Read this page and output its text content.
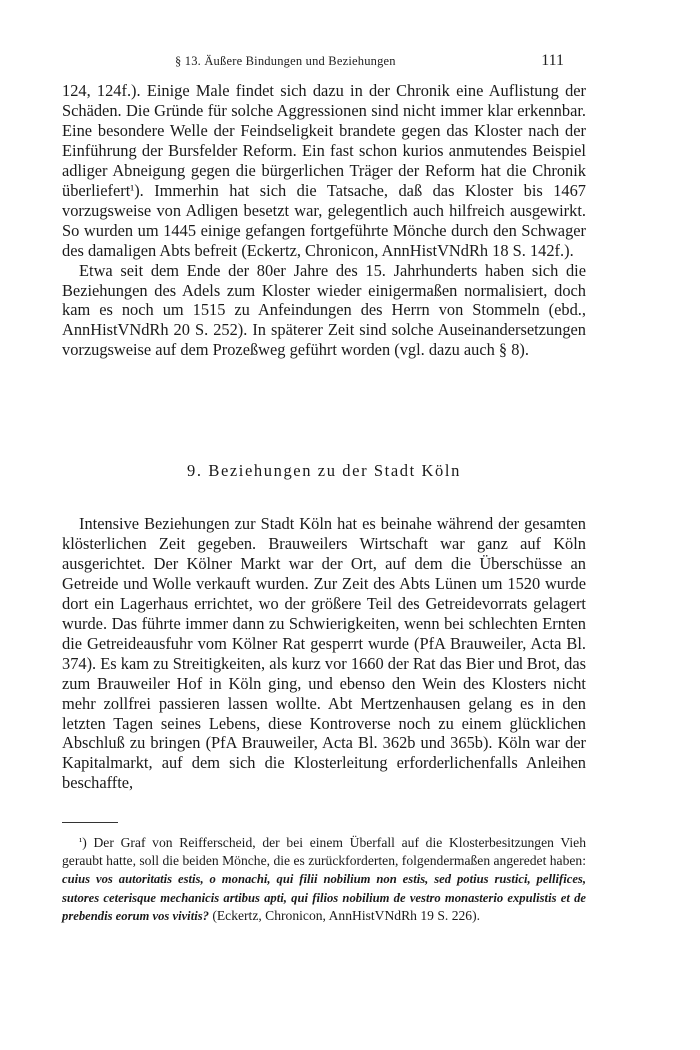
§ 13. Äußere Bindungen und Beziehungen	111

124, 124f.). Einige Male findet sich dazu in der Chronik eine Auflistung der Schäden. Die Gründe für solche Aggressionen sind nicht immer klar erkennbar. Eine besondere Welle der Feindseligkeit brandete gegen das Kloster nach der Einführung der Bursfelder Reform. Ein fast schon kurios anmutendes Beispiel adliger Abneigung gegen die bürgerlichen Träger der Reform hat die Chronik überliefert$^{^1}$). Immerhin hat sich die Tatsache, daß das Kloster bis 1467 vorzugsweise von Adligen besetzt war, gelegentlich auch hilfreich ausgewirkt. So wurden um 1445 einige gefangen fortgeführte Mönche durch den Schwager des damaligen Abts befreit (Eckertz, Chronicon, AnnHistVNdRh 18 S. 142f.).

Etwa seit dem Ende der 80er Jahre des 15. Jahrhunderts haben sich die Beziehungen des Adels zum Kloster wieder einigermaßen normalisiert, doch kam es noch um 1515 zu Anfeindungen des Herrn von Stommeln (ebd., AnnHistVNdRh 20 S. 252). In späterer Zeit sind solche Auseinandersetzungen vorzugsweise auf dem Prozeßweg geführt worden (vgl. dazu auch § 8).

9. Beziehungen zu der Stadt Köln

Intensive Beziehungen zur Stadt Köln hat es beinahe während der gesamten klösterlichen Zeit gegeben. Brauweilers Wirtschaft war ganz auf Köln ausgerichtet. Der Kölner Markt war der Ort, auf dem die Überschüsse an Getreide und Wolle verkauft wurden. Zur Zeit des Abts Lünen um 1520 wurde dort ein Lagerhaus errichtet, wo der größere Teil des Getreidevorrats gelagert wurde. Das führte immer dann zu Schwierigkeiten, wenn bei schlechten Ernten die Getreideausfuhr vom Kölner Rat gesperrt wurde (PfA Brauweiler, Acta Bl. 374). Es kam zu Streitigkeiten, als kurz vor 1660 der Rat das Bier und Brot, das zum Brauweiler Hof in Köln ging, und ebenso den Wein des Klosters nicht mehr zollfrei passieren lassen wollte. Abt Mertzenhausen gelang es in den letzten Tagen seines Lebens, diese Kontroverse noch zu einem glücklichen Abschluß zu bringen (PfA Brauweiler, Acta Bl. 362b und 365b). Köln war der Kapitalmarkt, auf dem sich die Klosterleitung erforderlichenfalls Anleihen beschaffte,

$^{^1}$) Der Graf von Reifferscheid, der bei einem Überfall auf die Klosterbesitzungen Vieh geraubt hatte, soll die beiden Mönche, die es zurückforderten, folgendermaßen angeredet haben: cuius vos autoritatis estis, o monachi, qui filii nobilium non estis, sed potius rustici, pellifices, sutores ceterisque mechanicis artibus apti, qui filios nobilium de vestro monasterio expulistis et de prebendis eorum vos vivitis? (Eckertz, Chronicon, AnnHistVNdRh 19 S. 226).
